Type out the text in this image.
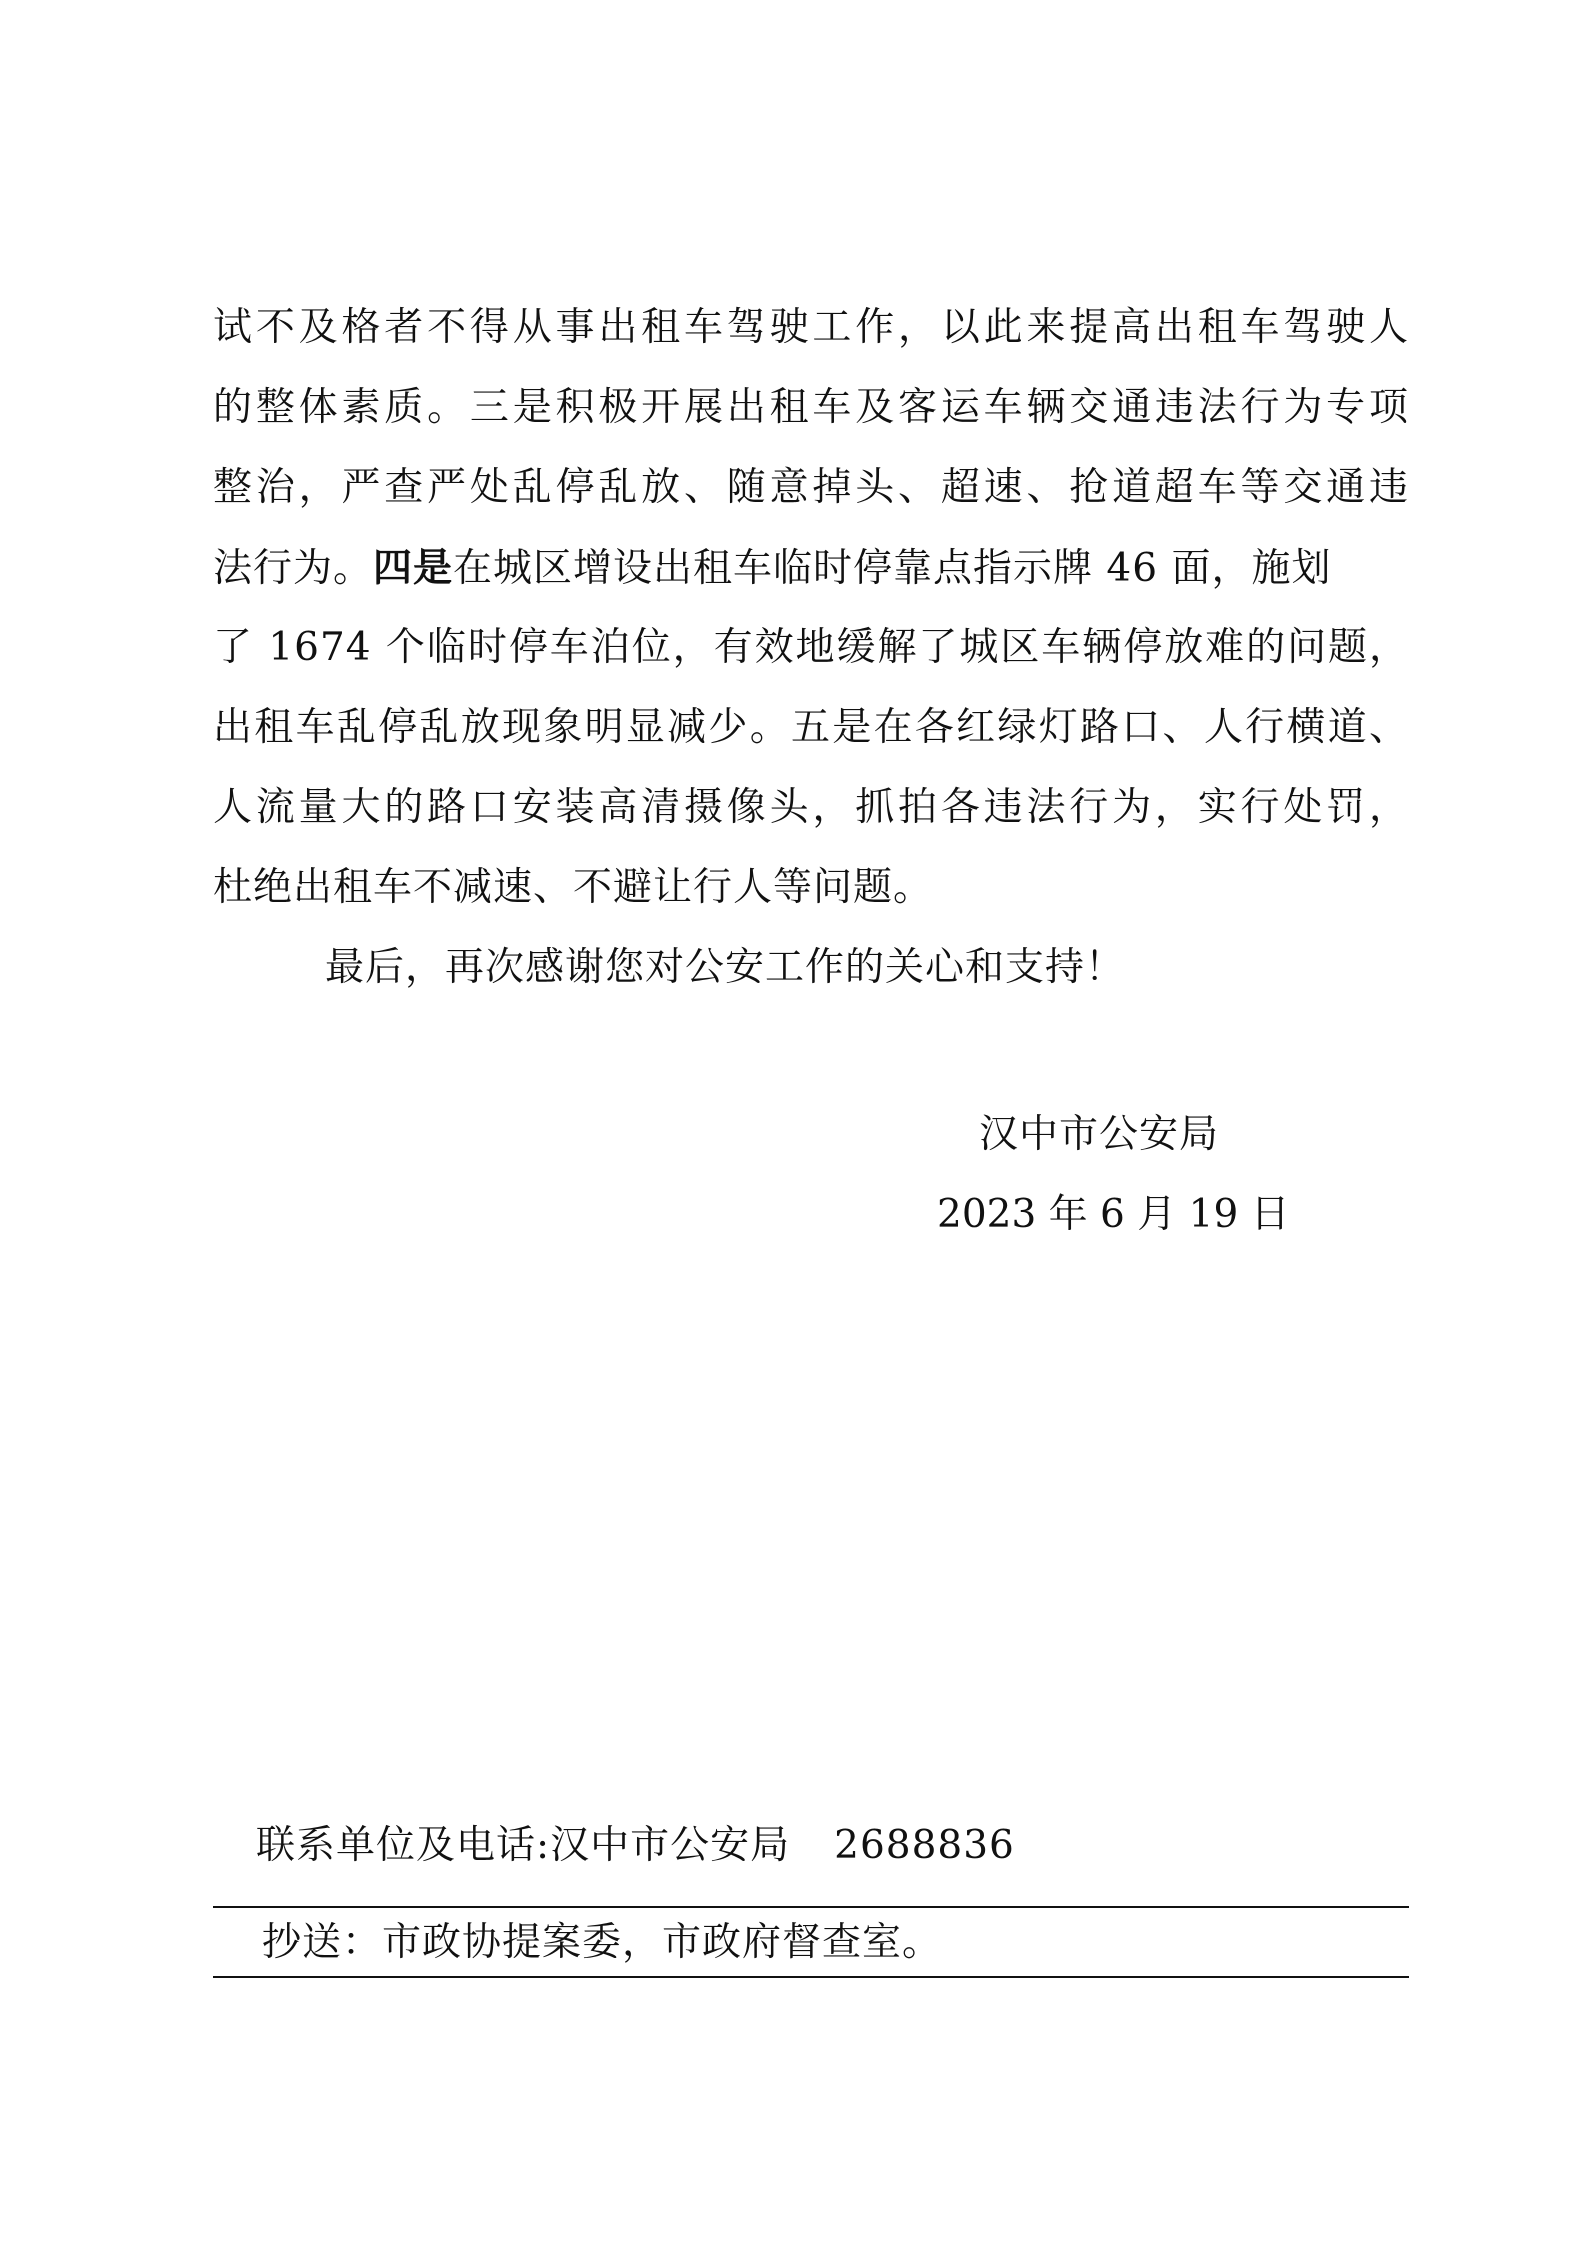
试不及格者不得从事出租车驾驶工作，以此来提高出租车驾驶人

的整体素质。三是积极开展出租车及客运车辆交通违法行为专项

整治，严查严处乱停乱放、随意掉头、超速、抢道超车等交通违

法行为。四是在城区增设出租车临时停靠点指示牌 46 面，施划

了 1674 个临时停车泊位，有效地缓解了城区车辆停放难的问题，

出租车乱停乱放现象明显减少。五是在各红绿灯路口、人行横道、

人流量大的路口安装高清摄像头，抓拍各违法行为，实行处罚，

杜绝出租车不减速、不避让行人等问题。

最后，再次感谢您对公安工作的关心和支持！

汉中市公安局
2023 年 6 月 19 日
联系单位及电话:汉中市公安局 2688836
抄送：市政协提案委，市政府督查室。
